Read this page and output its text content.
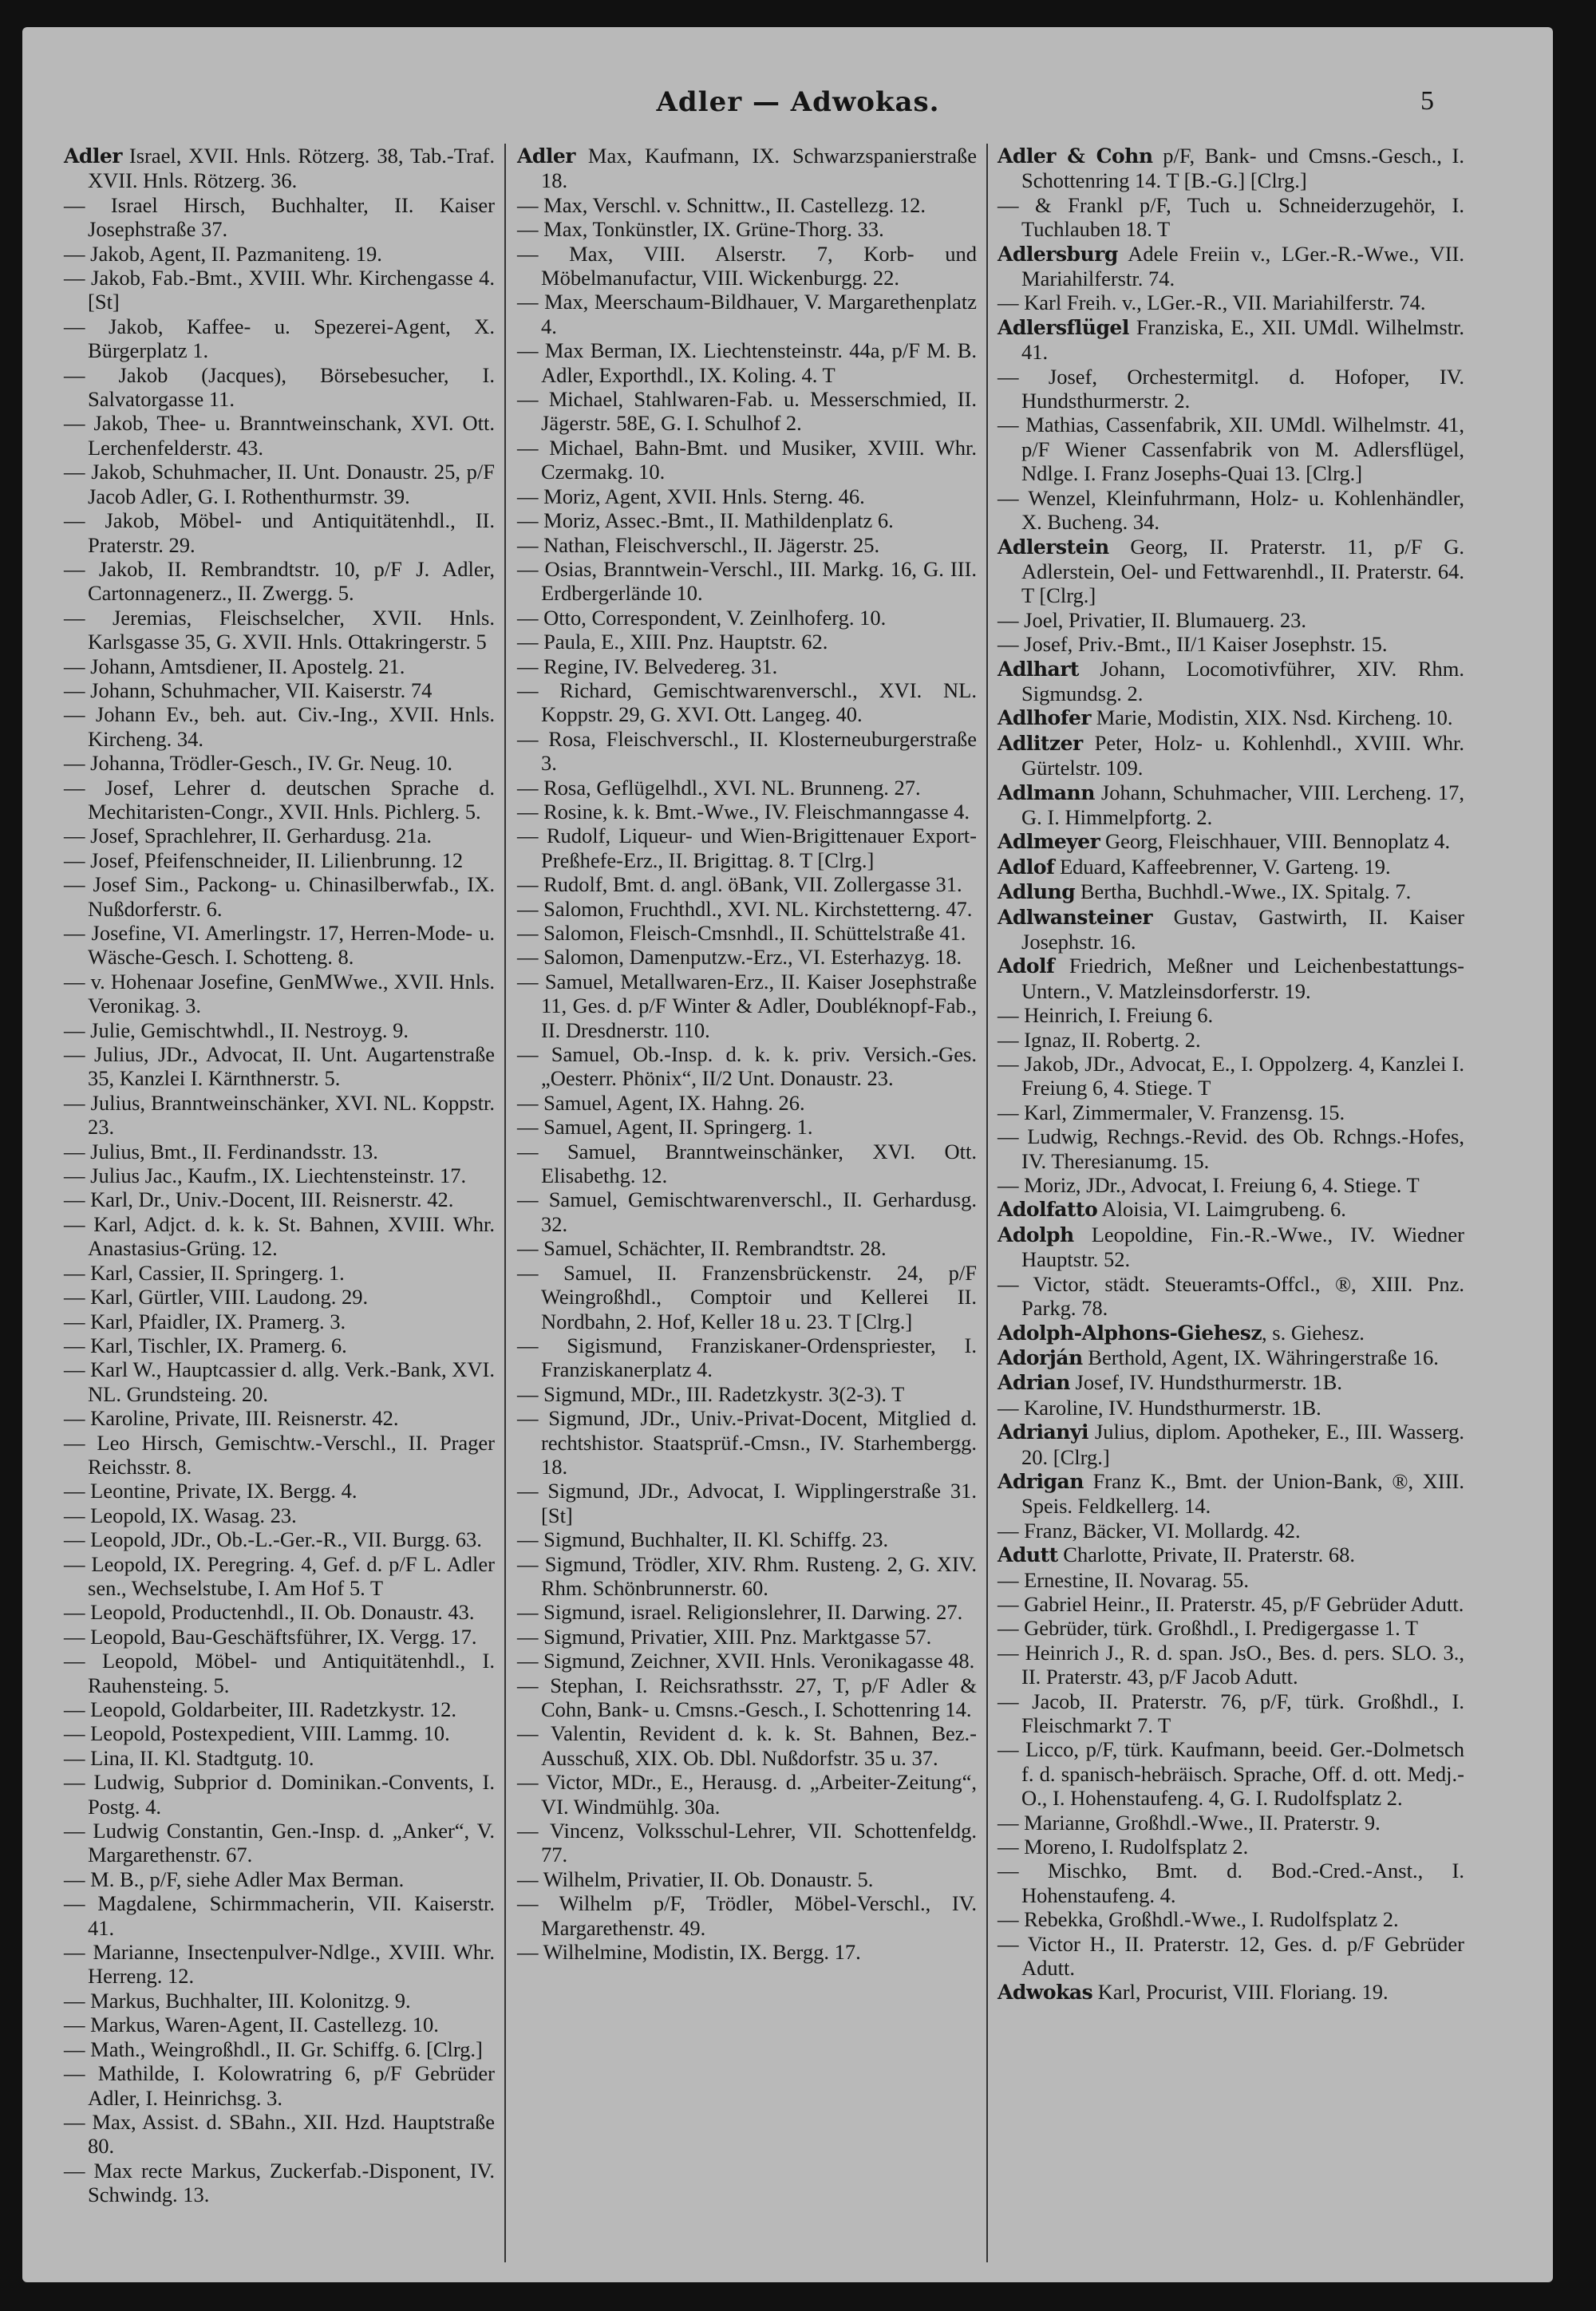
Adler — Adwokas.	5

Adler Israel, XVII. Hnls. Rötzerg. 38, Tab.-Traf. XVII. Hnls. Rötzerg. 36.

— Israel Hirsch, Buchhalter, II. Kaiser Josephstraße 37.

— Jakob, Agent, II. Pazmaniteng. 19.

— Jakob, Fab.-Bmt., XVIII. Whr. Kirchengasse 4. [St]

— Jakob, Kaffee- u. Spezerei-Agent, X. Bürgerplatz 1.

— Jakob (Jacques), Börsebesucher, I. Salvatorgasse 11.

— Jakob, Thee- u. Branntweinschank, XVI. Ott. Lerchenfelderstr. 43.

— Jakob, Schuhmacher, II. Unt. Donaustr. 25, p/F Jacob Adler, G. I. Rothenthurmstr. 39.

— Jakob, Möbel- und Antiquitätenhdl., II. Praterstr. 29.

— Jakob, II. Rembrandtstr. 10, p/F J. Adler, Cartonnagenerz., II. Zwergg. 5.

— Jeremias, Fleischselcher, XVII. Hnls. Karlsgasse 35, G. XVII. Hnls. Ottakringerstr. 5

— Johann, Amtsdiener, II. Apostelg. 21.

— Johann, Schuhmacher, VII. Kaiserstr. 74

— Johann Ev., beh. aut. Civ.-Ing., XVII. Hnls. Kircheng. 34.

— Johanna, Trödler-Gesch., IV. Gr. Neug. 10.

— Josef, Lehrer d. deutschen Sprache d. Mechitaristen-Congr., XVII. Hnls. Pichlerg. 5.

— Josef, Sprachlehrer, II. Gerhardusg. 21a.

— Josef, Pfeifenschneider, II. Lilienbrunng. 12

— Josef Sim., Packong- u. Chinasilberwfab., IX. Nußdorferstr. 6.

— Josefine, VI. Amerlingstr. 17, Herren-Mode- u. Wäsche-Gesch. I. Schotteng. 8.

— v. Hohenaar Josefine, GenMWwe., XVII. Hnls. Veronikag. 3.

— Julie, Gemischtwhdl., II. Nestroyg. 9.

— Julius, JDr., Advocat, II. Unt. Augartenstraße 35, Kanzlei I. Kärnthnerstr. 5.

— Julius, Branntweinschänker, XVI. NL. Koppstr. 23.

— Julius, Bmt., II. Ferdinandsstr. 13.

— Julius Jac., Kaufm., IX. Liechtensteinstr. 17.

— Karl, Dr., Univ.-Docent, III. Reisnerstr. 42.

— Karl, Adjct. d. k. k. St. Bahnen, XVIII. Whr. Anastasius-Grüng. 12.

— Karl, Cassier, II. Springerg. 1.

— Karl, Gürtler, VIII. Laudong. 29.

— Karl, Pfaidler, IX. Pramerg. 3.

— Karl, Tischler, IX. Pramerg. 6.

— Karl W., Hauptcassier d. allg. Verk.-Bank, XVI. NL. Grundsteing. 20.

— Karoline, Private, III. Reisnerstr. 42.

— Leo Hirsch, Gemischtw.-Verschl., II. Prager Reichsstr. 8.

— Leontine, Private, IX. Bergg. 4.

— Leopold, IX. Wasag. 23.

— Leopold, JDr., Ob.-L.-Ger.-R., VII. Burgg. 63.

— Leopold, IX. Peregring. 4, Gef. d. p/F L. Adler sen., Wechselstube, I. Am Hof 5. T

— Leopold, Productenhdl., II. Ob. Donaustr. 43.

— Leopold, Bau-Geschäftsführer, IX. Vergg. 17.

— Leopold, Möbel- und Antiquitätenhdl., I. Rauhensteing. 5.

— Leopold, Goldarbeiter, III. Radetzkystr. 12.

— Leopold, Postexpedient, VIII. Lammg. 10.

— Lina, II. Kl. Stadtgutg. 10.

— Ludwig, Subprior d. Dominikan.-Convents, I. Postg. 4.

— Ludwig Constantin, Gen.-Insp. d. „Anker“, V. Margarethenstr. 67.

— M. B., p/F, siehe Adler Max Berman.

— Magdalene, Schirmmacherin, VII. Kaiserstr. 41.

— Marianne, Insectenpulver-Ndlge., XVIII. Whr. Herreng. 12.

— Markus, Buchhalter, III. Kolonitzg. 9.

— Markus, Waren-Agent, II. Castellezg. 10.

— Math., Weingroßhdl., II. Gr. Schiffg. 6. [Clrg.]

— Mathilde, I. Kolowratring 6, p/F Gebrüder Adler, I. Heinrichsg. 3.

— Max, Assist. d. SBahn., XII. Hzd. Hauptstraße 80.

— Max recte Markus, Zuckerfab.-Disponent, IV. Schwindg. 13.

Adler Max, Kaufmann, IX. Schwarzspanierstraße 18.

— Max, Verschl. v. Schnittw., II. Castellezg. 12.

— Max, Tonkünstler, IX. Grüne-Thorg. 33.

— Max, VIII. Alserstr. 7, Korb- und Möbelmanufactur, VIII. Wickenburgg. 22.

— Max, Meerschaum-Bildhauer, V. Margarethenplatz 4.

— Max Berman, IX. Liechtensteinstr. 44a, p/F M. B. Adler, Exporthdl., IX. Koling. 4. T

— Michael, Stahlwaren-Fab. u. Messerschmied, II. Jägerstr. 58E, G. I. Schulhof 2.

— Michael, Bahn-Bmt. und Musiker, XVIII. Whr. Czermakg. 10.

— Moriz, Agent, XVII. Hnls. Sterng. 46.

— Moriz, Assec.-Bmt., II. Mathildenplatz 6.

— Nathan, Fleischverschl., II. Jägerstr. 25.

— Osias, Branntwein-Verschl., III. Markg. 16, G. III. Erdbergerlände 10.

— Otto, Correspondent, V. Zeinlhoferg. 10.

— Paula, E., XIII. Pnz. Hauptstr. 62.

— Regine, IV. Belvedereg. 31.

— Richard, Gemischtwarenverschl., XVI. NL. Koppstr. 29, G. XVI. Ott. Langeg. 40.

— Rosa, Fleischverschl., II. Klosterneuburgerstraße 3.

— Rosa, Geflügelhdl., XVI. NL. Brunneng. 27.

— Rosine, k. k. Bmt.-Wwe., IV. Fleischmanngasse 4.

— Rudolf, Liqueur- und Wien-Brigittenauer Export-Preßhefe-Erz., II. Brigittag. 8. T [Clrg.]

— Rudolf, Bmt. d. angl. öBank, VII. Zollergasse 31.

— Salomon, Fruchthdl., XVI. NL. Kirchstetterng. 47.

— Salomon, Fleisch-Cmsnhdl., II. Schüttelstraße 41.

— Salomon, Damenputzw.-Erz., VI. Esterhazyg. 18.

— Samuel, Metallwaren-Erz., II. Kaiser Josephstraße 11, Ges. d. p/F Winter & Adler, Doubléknopf-Fab., II. Dresdnerstr. 110.

— Samuel, Ob.-Insp. d. k. k. priv. Versich.-Ges. „Oesterr. Phönix“, II/2 Unt. Donaustr. 23.

— Samuel, Agent, IX. Hahng. 26.

— Samuel, Agent, II. Springerg. 1.

— Samuel, Branntweinschänker, XVI. Ott. Elisabethg. 12.

— Samuel, Gemischtwarenverschl., II. Gerhardusg. 32.

— Samuel, Schächter, II. Rembrandtstr. 28.

— Samuel, II. Franzensbrückenstr. 24, p/F Weingroßhdl., Comptoir und Kellerei II. Nordbahn, 2. Hof, Keller 18 u. 23. T [Clrg.]

— Sigismund, Franziskaner-Ordenspriester, I. Franziskanerplatz 4.

— Sigmund, MDr., III. Radetzkystr. 3(2-3). T

— Sigmund, JDr., Univ.-Privat-Docent, Mitglied d. rechtshistor. Staatsprüf.-Cmsn., IV. Starhembergg. 18.

— Sigmund, JDr., Advocat, I. Wipplingerstraße 31. [St]

— Sigmund, Buchhalter, II. Kl. Schiffg. 23.

— Sigmund, Trödler, XIV. Rhm. Rusteng. 2, G. XIV. Rhm. Schönbrunnerstr. 60.

— Sigmund, israel. Religionslehrer, II. Darwing. 27.

— Sigmund, Privatier, XIII. Pnz. Marktgasse 57.

— Sigmund, Zeichner, XVII. Hnls. Veronikagasse 48.

— Stephan, I. Reichsrathsstr. 27, T, p/F Adler & Cohn, Bank- u. Cmsns.-Gesch., I. Schottenring 14.

— Valentin, Revident d. k. k. St. Bahnen, Bez.-Ausschuß, XIX. Ob. Dbl. Nußdorfstr. 35 u. 37.

— Victor, MDr., E., Herausg. d. „Arbeiter-Zeitung“, VI. Windmühlg. 30a.

— Vincenz, Volksschul-Lehrer, VII. Schottenfeldg. 77.

— Wilhelm, Privatier, II. Ob. Donaustr. 5.

— Wilhelm p/F, Trödler, Möbel-Verschl., IV. Margarethenstr. 49.

— Wilhelmine, Modistin, IX. Bergg. 17.

Adler & Cohn p/F, Bank- und Cmsns.-Gesch., I. Schottenring 14. T [B.-G.] [Clrg.]

— & Frankl p/F, Tuch u. Schneiderzugehör, I. Tuchlauben 18. T

Adlersburg Adele Freiin v., LGer.-R.-Wwe., VII. Mariahilferstr. 74.

— Karl Freih. v., LGer.-R., VII. Mariahilferstr. 74.

Adlersflügel Franziska, E., XII. UMdl. Wilhelmstr. 41.

— Josef, Orchestermitgl. d. Hofoper, IV. Hundsthurmerstr. 2.

— Mathias, Cassenfabrik, XII. UMdl. Wilhelmstr. 41, p/F Wiener Cassenfabrik von M. Adlersflügel, Ndlge. I. Franz Josephs-Quai 13. [Clrg.]

— Wenzel, Kleinfuhrmann, Holz- u. Kohlenhändler, X. Bucheng. 34.

Adlerstein Georg, II. Praterstr. 11, p/F G. Adlerstein, Oel- und Fettwarenhdl., II. Praterstr. 64. T [Clrg.]

— Joel, Privatier, II. Blumauerg. 23.

— Josef, Priv.-Bmt., II/1 Kaiser Josephstr. 15.

Adlhart Johann, Locomotivführer, XIV. Rhm. Sigmundsg. 2.

Adlhofer Marie, Modistin, XIX. Nsd. Kircheng. 10.

Adlitzer Peter, Holz- u. Kohlenhdl., XVIII. Whr. Gürtelstr. 109.

Adlmann Johann, Schuhmacher, VIII. Lercheng. 17, G. I. Himmelpfortg. 2.

Adlmeyer Georg, Fleischhauer, VIII. Bennoplatz 4.

Adlof Eduard, Kaffeebrenner, V. Garteng. 19.

Adlung Bertha, Buchhdl.-Wwe., IX. Spitalg. 7.

Adlwansteiner Gustav, Gastwirth, II. Kaiser Josephstr. 16.

Adolf Friedrich, Meßner und Leichenbestattungs-Untern., V. Matzleinsdorferstr. 19.

— Heinrich, I. Freiung 6.

— Ignaz, II. Robertg. 2.

— Jakob, JDr., Advocat, E., I. Oppolzerg. 4, Kanzlei I. Freiung 6, 4. Stiege. T

— Karl, Zimmermaler, V. Franzensg. 15.

— Ludwig, Rechngs.-Revid. des Ob. Rchngs.-Hofes, IV. Theresianumg. 15.

— Moriz, JDr., Advocat, I. Freiung 6, 4. Stiege. T

Adolfatto Aloisia, VI. Laimgrubeng. 6.

Adolph Leopoldine, Fin.-R.-Wwe., IV. Wiedner Hauptstr. 52.

— Victor, städt. Steueramts-Offcl., ®, XIII. Pnz. Parkg. 78.

Adolph-Alphons-Giehesz, s. Giehesz.

Adorján Berthold, Agent, IX. Währingerstraße 16.

Adrian Josef, IV. Hundsthurmerstr. 1B.

— Karoline, IV. Hundsthurmerstr. 1B.

Adrianyi Julius, diplom. Apotheker, E., III. Wasserg. 20. [Clrg.]

Adrigan Franz K., Bmt. der Union-Bank, ®, XIII. Speis. Feldkellerg. 14.

— Franz, Bäcker, VI. Mollardg. 42.

Adutt Charlotte, Private, II. Praterstr. 68.

— Ernestine, II. Novarag. 55.

— Gabriel Heinr., II. Praterstr. 45, p/F Gebrüder Adutt.

— Gebrüder, türk. Großhdl., I. Predigergasse 1. T

— Heinrich J., R. d. span. JsO., Bes. d. pers. SLO. 3., II. Praterstr. 43, p/F Jacob Adutt.

— Jacob, II. Praterstr. 76, p/F, türk. Großhdl., I. Fleischmarkt 7. T

— Licco, p/F, türk. Kaufmann, beeid. Ger.-Dolmetsch f. d. spanisch-hebräisch. Sprache, Off. d. ott. Medj.-O., I. Hohenstaufeng. 4, G. I. Rudolfsplatz 2.

— Marianne, Großhdl.-Wwe., II. Praterstr. 9.

— Moreno, I. Rudolfsplatz 2.

— Mischko, Bmt. d. Bod.-Cred.-Anst., I. Hohenstaufeng. 4.

— Rebekka, Großhdl.-Wwe., I. Rudolfsplatz 2.

— Victor H., II. Praterstr. 12, Ges. d. p/F Gebrüder Adutt.

Adwokas Karl, Procurist, VIII. Floriang. 19.
